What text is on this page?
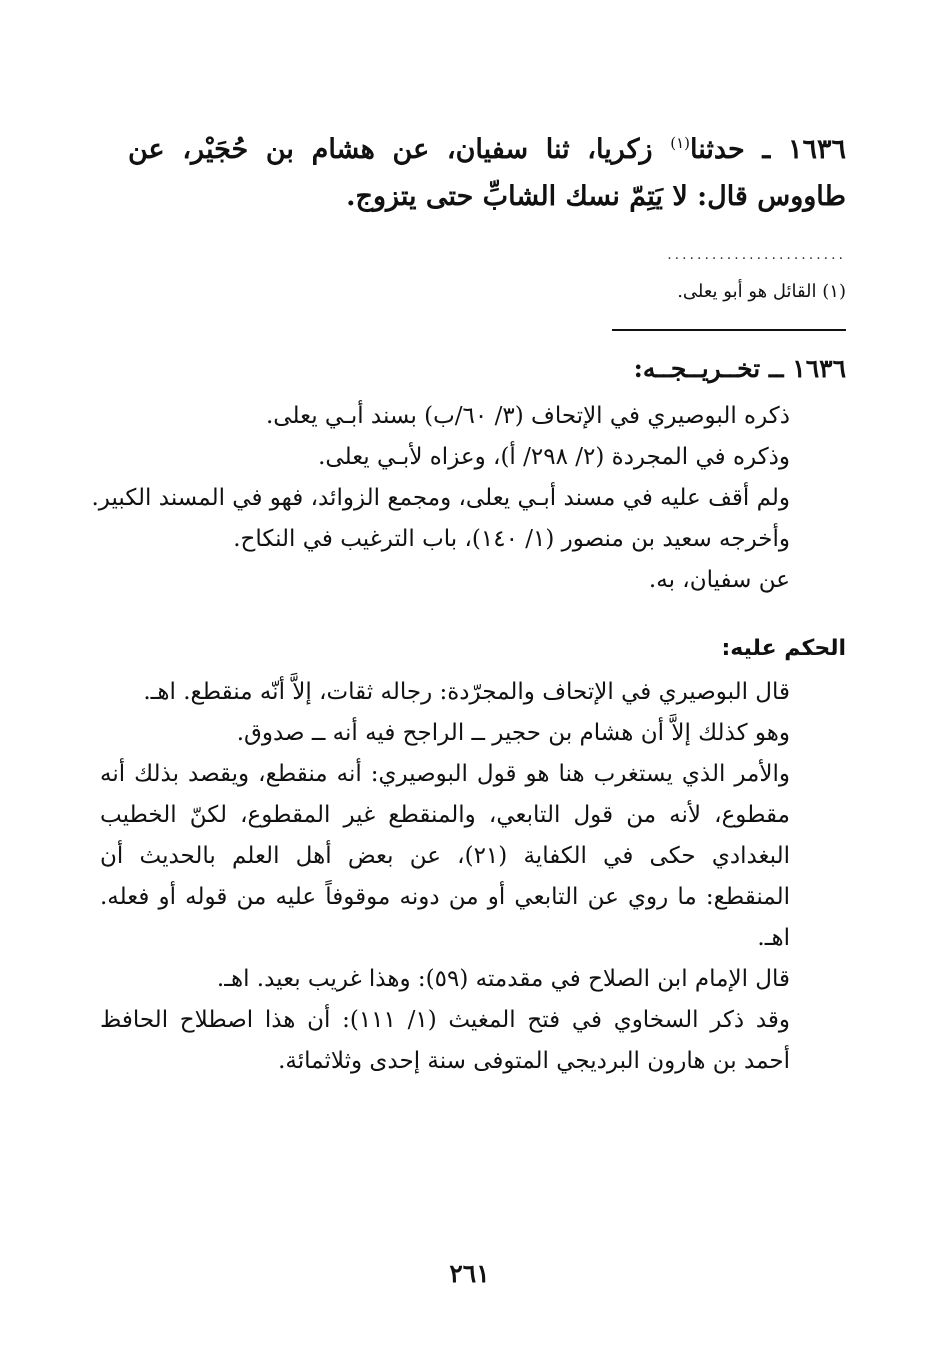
١٦٣٦ ـ حدثنا$^{(١)}$ زكريا، ثنا سفيان، عن هشام بن حُجَيْر، عن طاووس قال: لا يَتِمّ نسك الشابِّ حتى يتزوج.
........................
(١) القائل هو أبو يعلى.
١٦٣٦ ــ تخــريــجــه:
ذكره البوصيري في الإتحاف (٣/ ٦٠/ب) بسند أبـي يعلى.
وذكره في المجردة (٢/ ٢٩٨/ أ)، وعزاه لأبـي يعلى.
ولم أقف عليه في مسند أبـي يعلى، ومجمع الزوائد، فهو في المسند الكبير.
وأخرجه سعيد بن منصور (١/ ١٤٠)، باب الترغيب في النكاح.
عن سفيان، به.
الحكم عليه:

قال البوصيري في الإتحاف والمجرّدة: رجاله ثقات، إلاَّ أنّه منقطع. اهـ.

وهو كذلك إلاَّ أن هشام بن حجير ــ الراجح فيه أنه ــ صدوق.

والأمر الذي يستغرب هنا هو قول البوصيري: أنه منقطع، ويقصد بذلك أنه مقطوع، لأنه من قول التابعي، والمنقطع غير المقطوع، لكنّ الخطيب البغدادي حكى في الكفاية (٢١)، عن بعض أهل العلم بالحديث أن المنقطع: ما روي عن التابعي أو من دونه موقوفاً عليه من قوله أو فعله. اهـ.

قال الإمام ابن الصلاح في مقدمته (٥٩): وهذا غريب بعيد. اهـ.

وقد ذكر السخاوي في فتح المغيث (١/ ١١١): أن هذا اصطلاح الحافظ أحمد بن هارون البرديجي المتوفى سنة إحدى وثلاثمائة.

٢٦١
